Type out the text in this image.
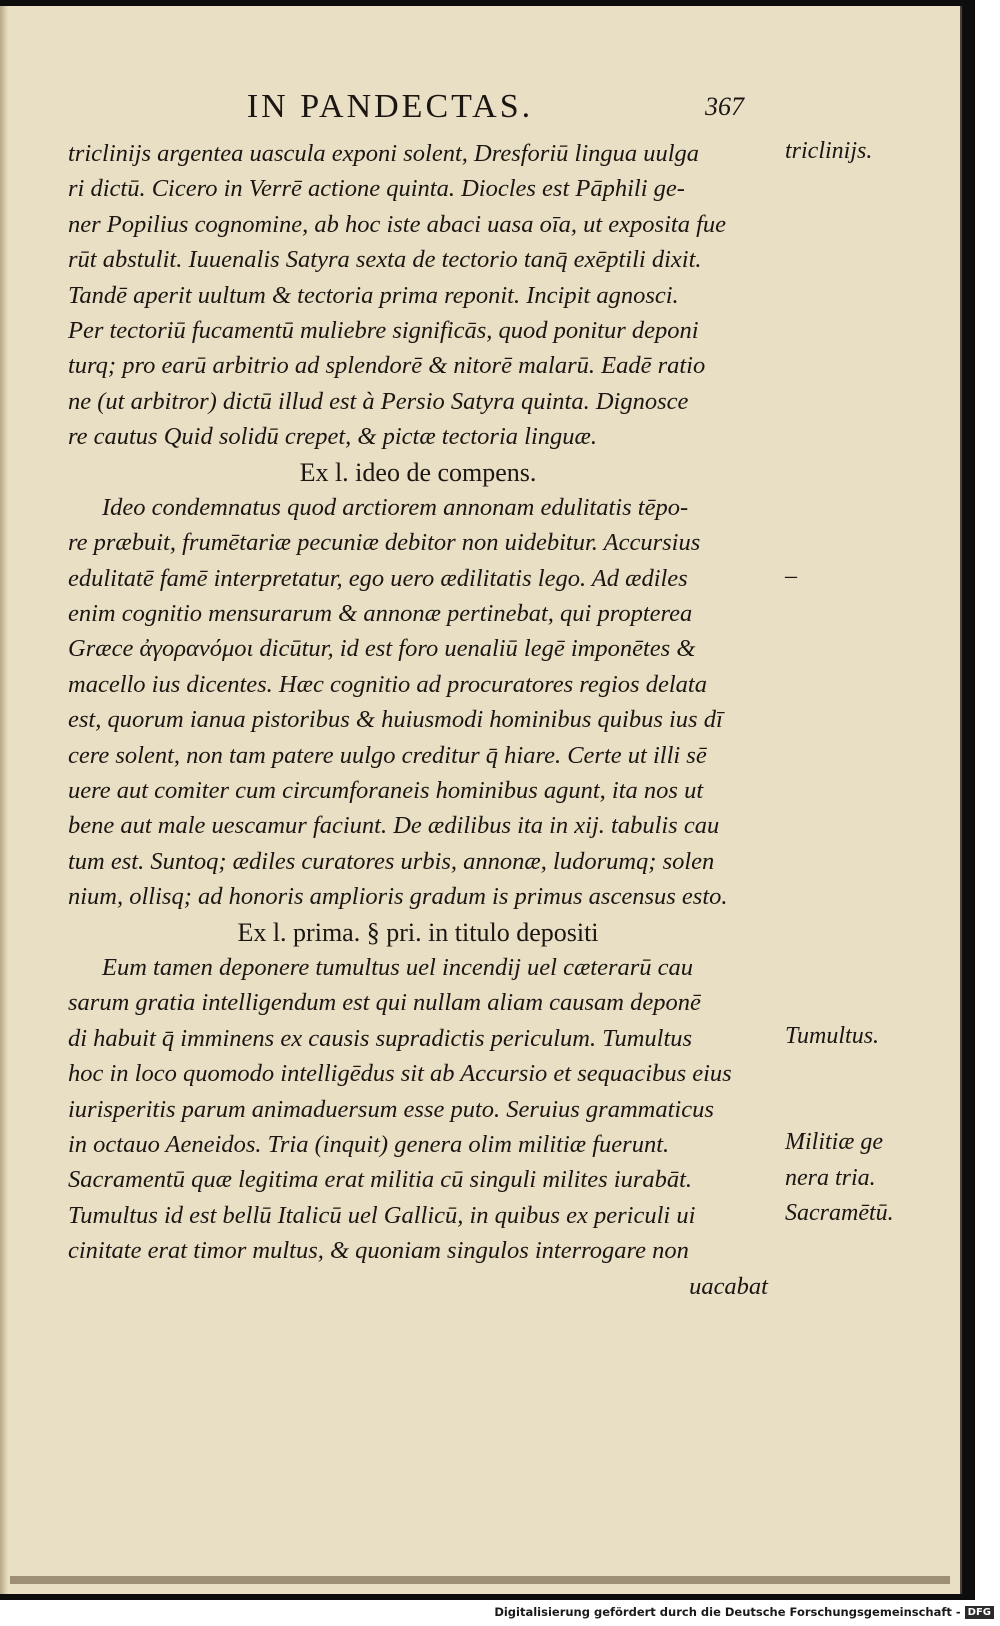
IN PANDECTAS.	367
triclinijs argentea uascula exponi solent, Dresforiū lingua uulga
ri dictū. Cicero in Verrē actione quinta. Diocles est Pāphili ge-
ner Popilius cognomine, ab hoc iste abaci uasa oīa, ut exposita fue
rūt abstulit. Iuuenalis Satyra sexta de tectorio tanq̄ exēptili dixit.
Tandē aperit uultum & tectoria prima reponit. Incipit agnosci.
Per tectoriū fucamentū muliebre significās, quod ponitur deponi
turq; pro earū arbitrio ad splendorē & nitorē malarū. Eadē ratio
ne (ut arbitror) dictū illud est à Persio Satyra quinta. Dignosce
re cautus Quid solidū crepet, & pictæ tectoria linguæ.
Ex l. ideo de compens.
Ideo condemnatus quod arctiorem annonam edulitatis tēpo-
re præbuit, frumētariæ pecuniæ debitor non uidebitur. Accursius
edulitatē famē interpretatur, ego uero ædilitatis lego. Ad ædiles
enim cognitio mensurarum & annonæ pertinebat, qui propterea
Græce ἀγορανόμοι dicūtur, id est foro uenaliū legē imponētes &
macello ius dicentes. Hæc cognitio ad procuratores regios delata
est, quorum ianua pistoribus & huiusmodi hominibus quibus ius dī
cere solent, non tam patere uulgo creditur q̄ hiare. Certe ut illi sē
uere aut comiter cum circumforaneis hominibus agunt, ita nos ut
bene aut male uescamur faciunt. De ædilibus ita in xij. tabulis cau
tum est. Suntoq; ædiles curatores urbis, annonæ, ludorumq; solen
nium, ollisq; ad honoris amplioris gradum is primus ascensus esto.
Ex l. prima. § pri. in titulo depositi
Eum tamen deponere tumultus uel incendij uel cæterarū cau
sarum gratia intelligendum est qui nullam aliam causam deponē
di habuit q̄ imminens ex causis supradictis periculum. Tumultus
hoc in loco quomodo intelligēdus sit ab Accursio et sequacibus eius
iurisperitis parum animaduersum esse puto. Seruius grammaticus
in octauo Aeneidos. Tria (inquit) genera olim militiæ fuerunt.
Sacramentū quæ legitima erat militia cū singuli milites iurabāt.
Tumultus id est bellū Italicū uel Gallicū, in quibus ex periculi ui
cinitate erat timor multus, & quoniam singulos interrogare non
uacabat
triclinijs.
–
Tumultus.
Militiæ ge
nera tria.
Sacramētū.
Digitalisierung gefördert durch die Deutsche Forschungsgemeinschaft - DFG
